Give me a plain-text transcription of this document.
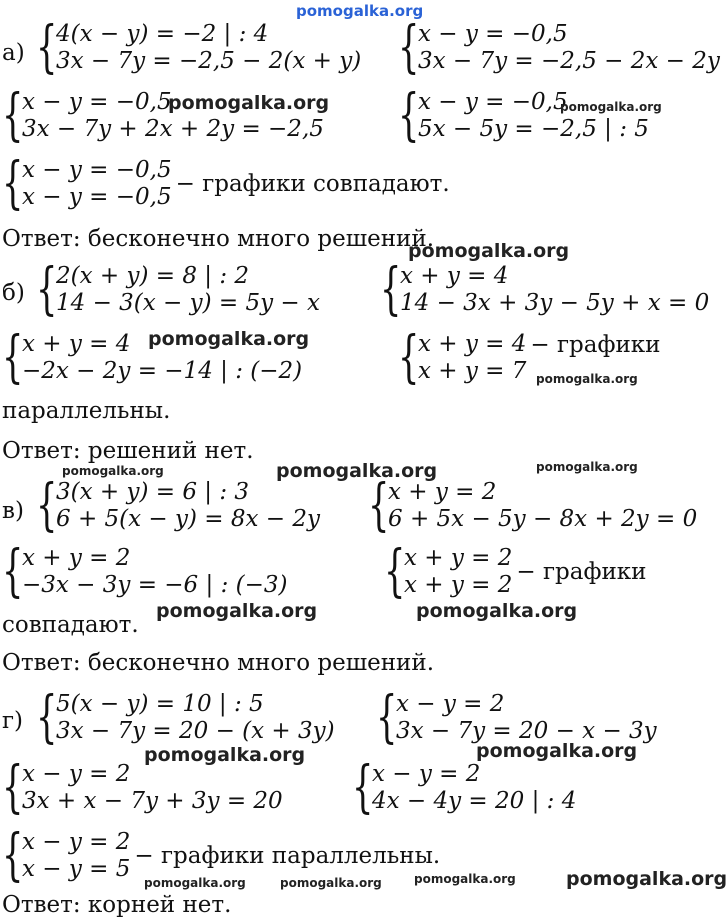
pomogalka.org
а) {
4(x − y) = −2 | : 4
3x − 7y = −2,5 − 2(x + y) {
x − y = −0,5
3x − 7y = −2,5 − 2x − 2y
{
x − y = −0,5
3x − 7y + 2x + 2y = −2,5 {
x − y = −0,5
5x − 5y = −2,5 | : 5
{
x − y = −0,5
x − y = −0,5 − графики совпадают.
Ответ: бесконечно много решений.
б) {
2(x + y) = 8 | : 2
14 − 3(x − y) = 5y − x {
x + y = 4
14 − 3x + 3y − 5y + x = 0
{
x + y = 4
−2x − 2y = −14 | : (−2) {
x + y = 4
x + y = 7
− графики
параллельны.
Ответ: решений нет.
в) {
3(x + y) = 6 | : 3
6 + 5(x − y) = 8x − 2y {
x + y = 2
6 + 5x − 5y − 8x + 2y = 0
{
x + y = 2
−3x − 3y = −6 | : (−3) {
x + y = 2
x + y = 2 − графики
совпадают.
Ответ: бесконечно много решений.
г) {
5(x − y) = 10 | : 5
3x − 7y = 20 − (x + 3y) {
x − y = 2
3x − 7y = 20 − x − 3y
{
x − y = 2
3x + x − 7y + 3y = 20 {
x − y = 2
4x − 4y = 20 | : 4
{
x − y = 2
x − y = 5 − графики параллельны.
Ответ: корней нет.
pomogalka.org	pomogalka.org
pomogalka.org
pomogalka.org
pomogalka.org
pomogalka.org	pomogalka.org	pomogalka.org
pomogalka.org	pomogalka.org
pomogalka.org	pomogalka.org
pomogalka.org	pomogalka.org	pomogalka.org	pomogalka.org
